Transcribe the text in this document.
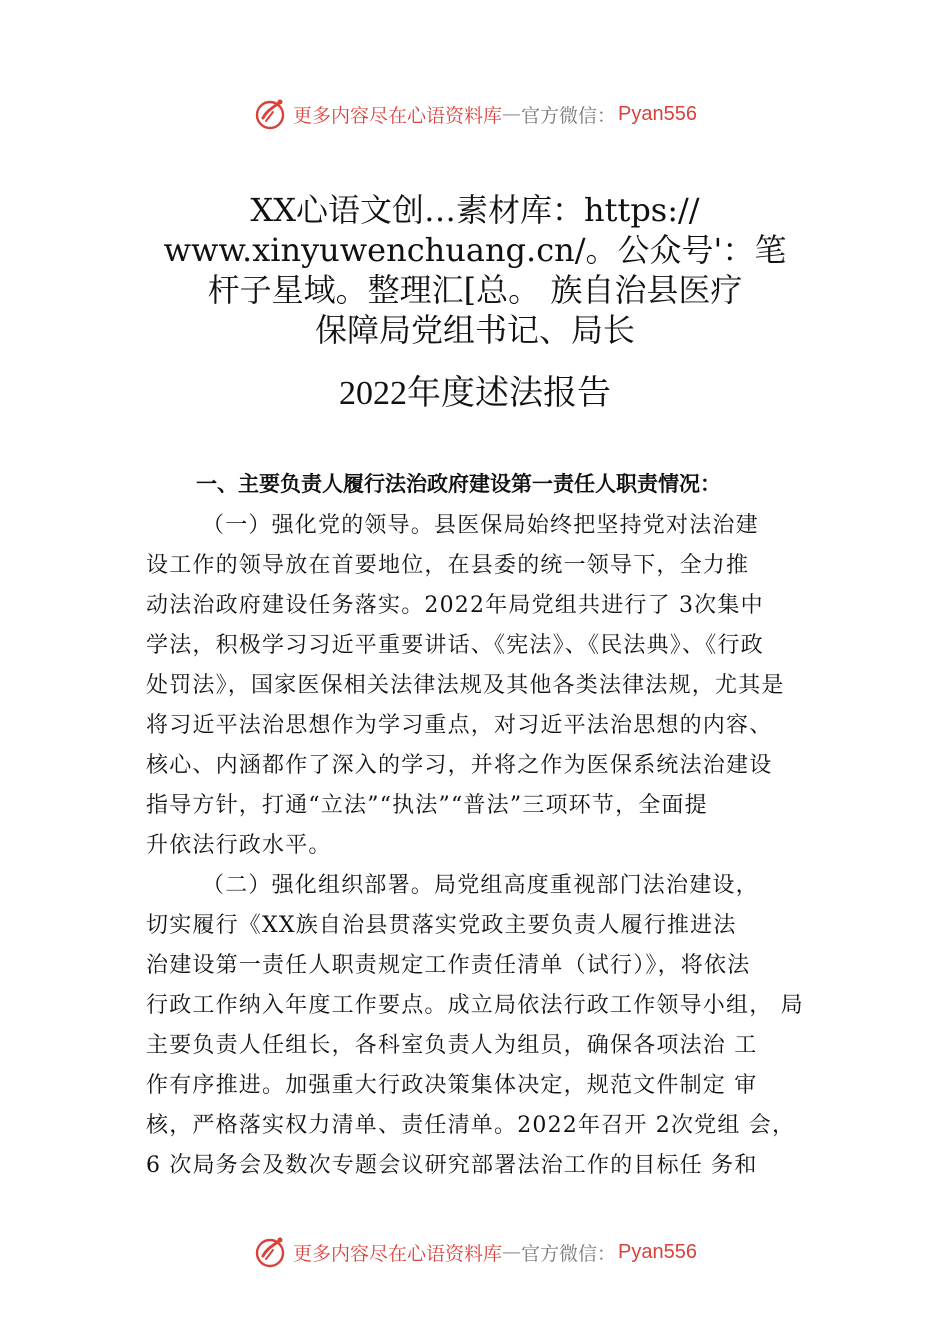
更多内容尽在心语资料库 — 官方微信： Pyan556
XX心语文创…素材库：https://
www.xinyuwenchuang.cn/。公众号'：笔
杆子星域。整理汇[总。 族自治县医疗
保障局党组书记、局长
2022年度述法报告
一、主要负责人履行法治政府建设第一责任人职责情况：
（一）强化党的领导。县医保局始终把坚持党对法治建
设工作的领导放在首要地位，在县委的统一领导下，全力推
动法治政府建设任务落实。2022年局党组共进行了 3次集中
学法，积极学习习近平重要讲话、《宪法》、《民法典》、《行政
处罚法》，国家医保相关法律法规及其他各类法律法规，尤其是
将习近平法治思想作为学习重点，对习近平法治思想的内容、
核心、内涵都作了深入的学习，并将之作为医保系统法治建设
指导方针，打通“立法”“执法”“普法”三项环节，全面提
升依法行政水平。
（二）强化组织部署。局党组高度重视部门法治建设，
切实履行《XX族自治县贯落实党政主要负责人履行推进法
治建设第一责任人职责规定工作责任清单（试行）》，将依法
行政工作纳入年度工作要点。成立局依法行政工作领导小组， 局
主要负责人任组长，各科室负责人为组员，确保各项法治 工
作有序推进。加强重大行政决策集体决定，规范文件制定 审
核，严格落实权力清单、责任清单。2022年召开 2次党组 会，
6 次局务会及数次专题会议研究部署法治工作的目标任 务和
更多内容尽在心语资料库 — 官方微信： Pyan556
